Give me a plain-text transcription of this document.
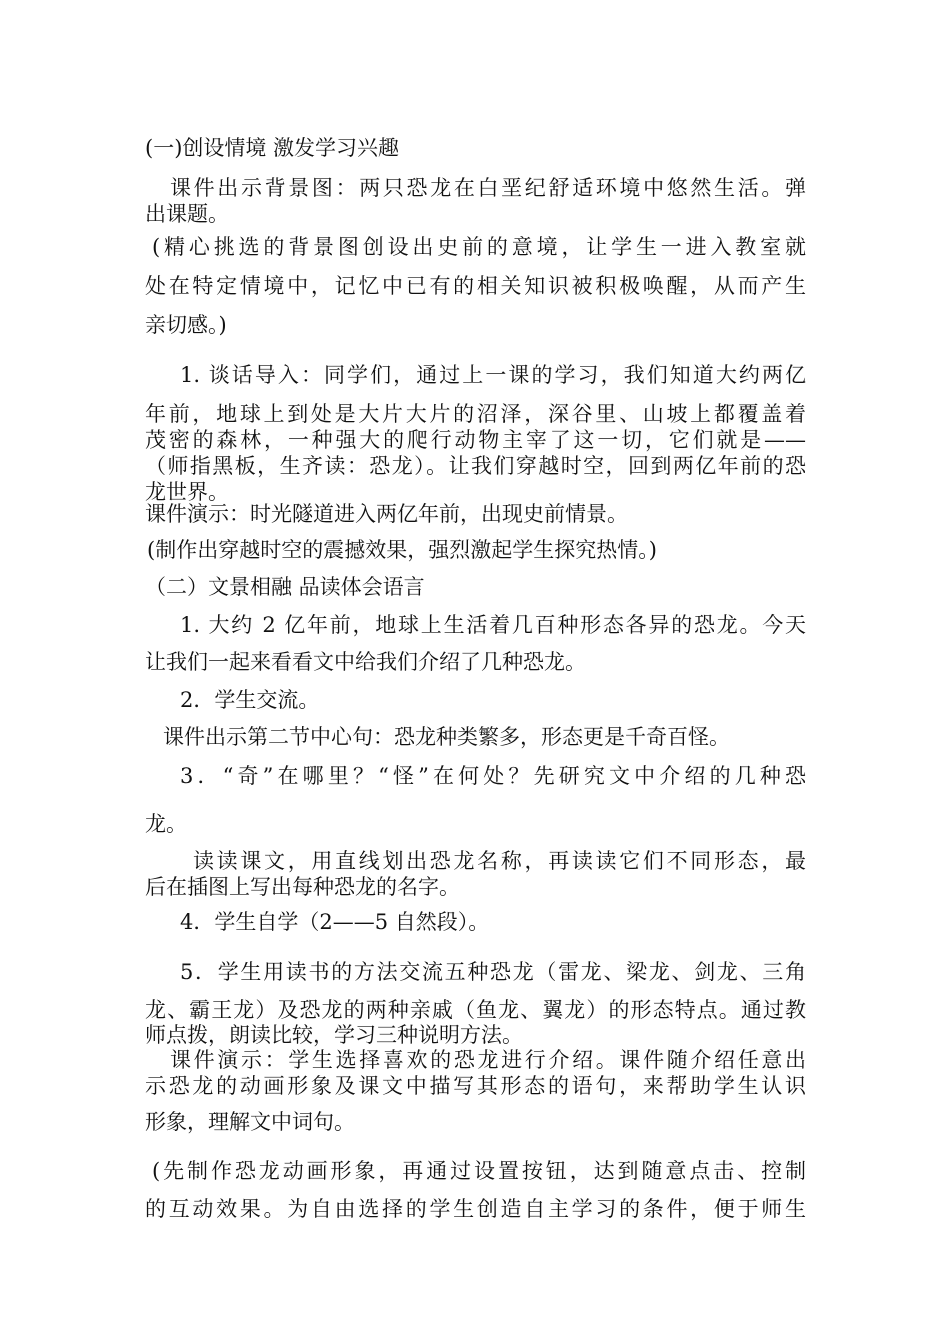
(一)创设情境 激发学习兴趣
课件出示背景图：两只恐龙在白垩纪舒适环境中悠然生活。弹
出课题。
(精心挑选的背景图创设出史前的意境，让学生一进入教室就
处在特定情境中，记忆中已有的相关知识被积极唤醒，从而产生
亲切感。)
1. 谈话导入：同学们，通过上一课的学习，我们知道大约两亿
年前，地球上到处是大片大片的沼泽，深谷里、山坡上都覆盖着
茂密的森林，一种强大的爬行动物主宰了这一切，它们就是——
（师指黑板，生齐读：恐龙）。让我们穿越时空，回到两亿年前的恐
龙世界。
课件演示：时光隧道进入两亿年前，出现史前情景。
(制作出穿越时空的震撼效果，强烈激起学生探究热情。)
（二）文景相融 品读体会语言
1. 大约 2 亿年前，地球上生活着几百种形态各异的恐龙。今天
让我们一起来看看文中给我们介绍了几种恐龙。
2．学生交流。
课件出示第二节中心句：恐龙种类繁多，形态更是千奇百怪。
3．“奇”在哪里？“怪”在何处？先研究文中介绍的几种恐
龙。
读读课文，用直线划出恐龙名称，再读读它们不同形态，最
后在插图上写出每种恐龙的名字。
4．学生自学（2——5 自然段）。
5．学生用读书的方法交流五种恐龙（雷龙、梁龙、剑龙、三角
龙、霸王龙）及恐龙的两种亲戚（鱼龙、翼龙）的形态特点。通过教
师点拨，朗读比较，学习三种说明方法。
课件演示：学生选择喜欢的恐龙进行介绍。课件随介绍任意出
示恐龙的动画形象及课文中描写其形态的语句，来帮助学生认识
形象，理解文中词句。
(先制作恐龙动画形象，再通过设置按钮，达到随意点击、控制
的互动效果。为自由选择的学生创造自主学习的条件，便于师生
